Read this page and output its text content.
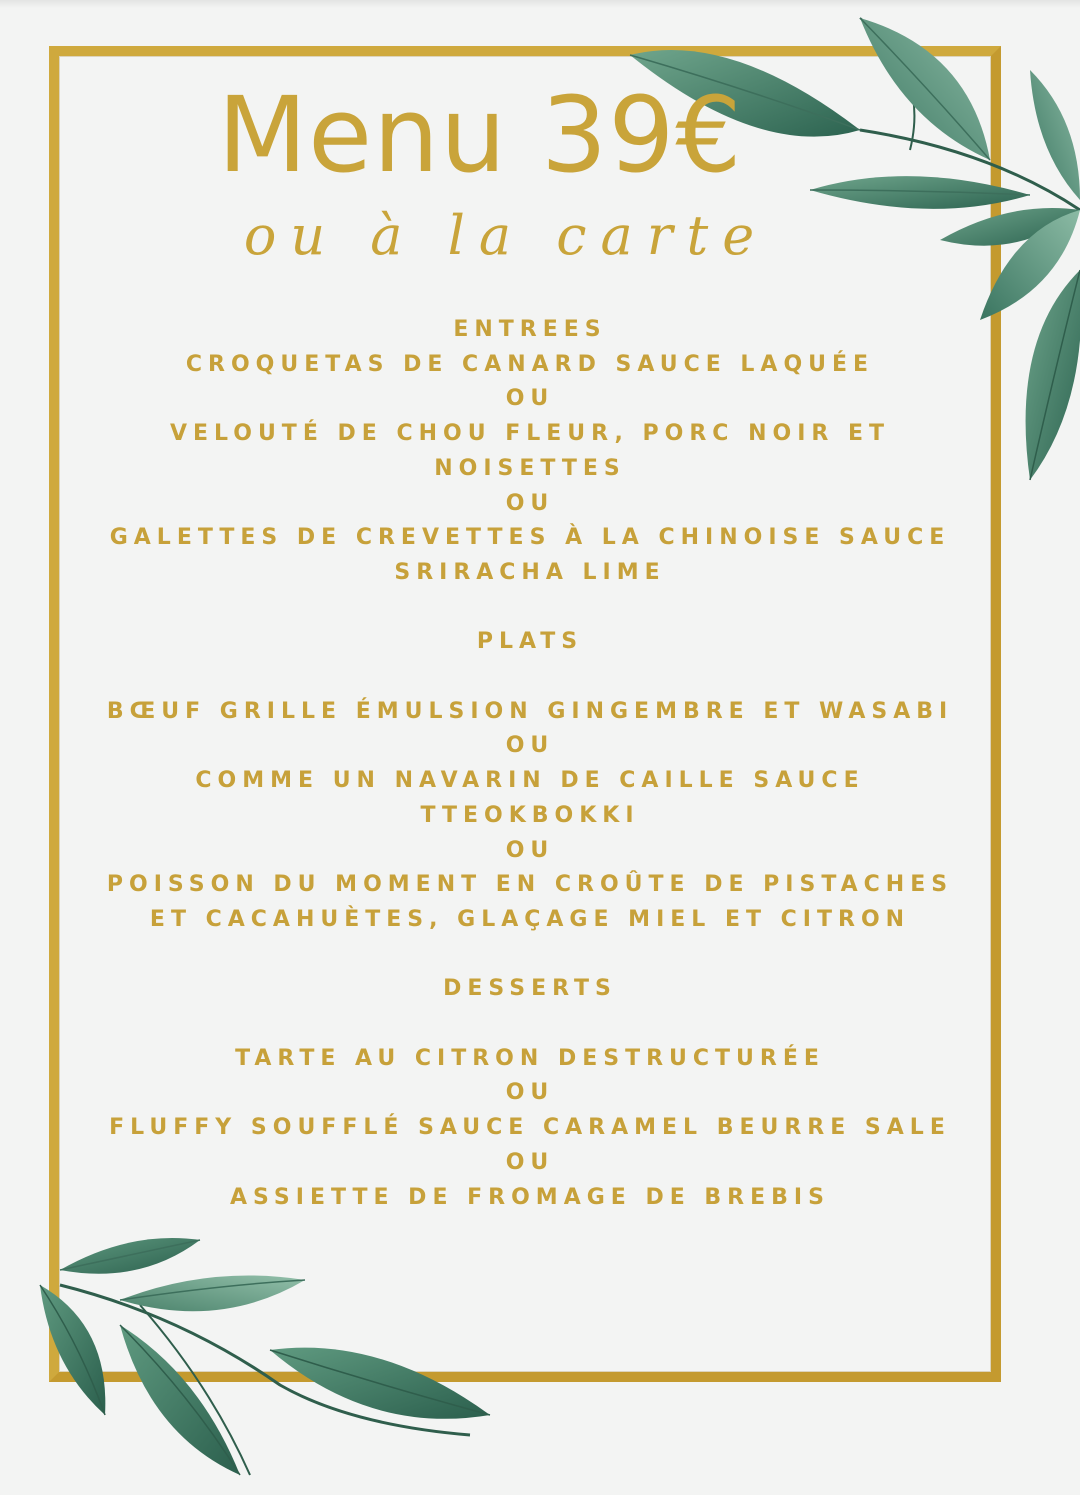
Menu 39€
ou à la carte
ENTREES
CROQUETAS DE CANARD SAUCE LAQUÉE
OU
VELOUTÉ DE CHOU FLEUR, PORC NOIR ET
NOISETTES
OU
GALETTES DE CREVETTES À LA CHINOISE SAUCE
SRIRACHA LIME
PLATS
BŒUF GRILLE ÉMULSION GINGEMBRE ET WASABI
OU
COMME UN NAVARIN DE CAILLE SAUCE
TTEOKBOKKI
OU
POISSON DU MOMENT EN CROÛTE DE PISTACHES
ET CACAHUÈTES, GLAÇAGE MIEL ET CITRON
DESSERTS
TARTE AU CITRON DESTRUCTURÉE
OU
FLUFFY SOUFFLÉ SAUCE CARAMEL BEURRE SALE
OU
ASSIETTE DE FROMAGE DE BREBIS
